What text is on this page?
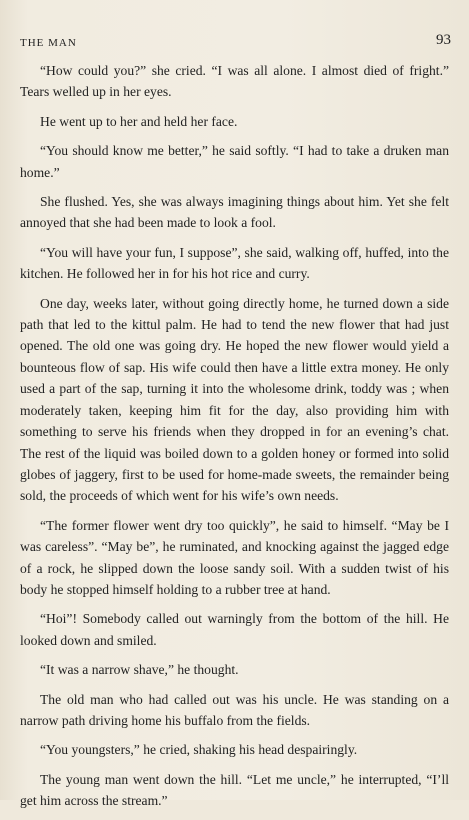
THE MAN	93

“How could you?” she cried. “I was all alone. I almost died of fright.” Tears welled up in her eyes.

He went up to her and held her face.

“You should know me better,” he said softly. “I had to take a druken man home.”

She flushed. Yes, she was always imagining things about him. Yet she felt annoyed that she had been made to look a fool.

“You will have your fun, I suppose”, she said, walking off, huffed, into the kitchen. He followed her in for his hot rice and curry.

One day, weeks later, without going directly home, he turned down a side path that led to the kittul palm. He had to tend the new flower that had just opened. The old one was going dry. He hoped the new flower would yield a bounteous flow of sap. His wife could then have a little extra money. He only used a part of the sap, turning it into the wholesome drink, toddy was ; when moderately taken, keeping him fit for the day, also providing him with something to serve his friends when they dropped in for an evening’s chat. The rest of the liquid was boiled down to a golden honey or formed into solid globes of jaggery, first to be used for home-made sweets, the remainder being sold, the proceeds of which went for his wife’s own needs.

“The former flower went dry too quickly”, he said to himself. “May be I was careless”. “May be”, he ruminated, and knocking against the jagged edge of a rock, he slipped down the loose sandy soil. With a sudden twist of his body he stopped himself holding to a rubber tree at hand.

“Hoi”! Somebody called out warningly from the bottom of the hill. He looked down and smiled.

“It was a narrow shave,” he thought.

The old man who had called out was his uncle. He was standing on a narrow path driving home his buffalo from the fields.

“You youngsters,” he cried, shaking his head despairingly.

The young man went down the hill. “Let me uncle,” he interrupted, “I’ll get him across the stream.”
